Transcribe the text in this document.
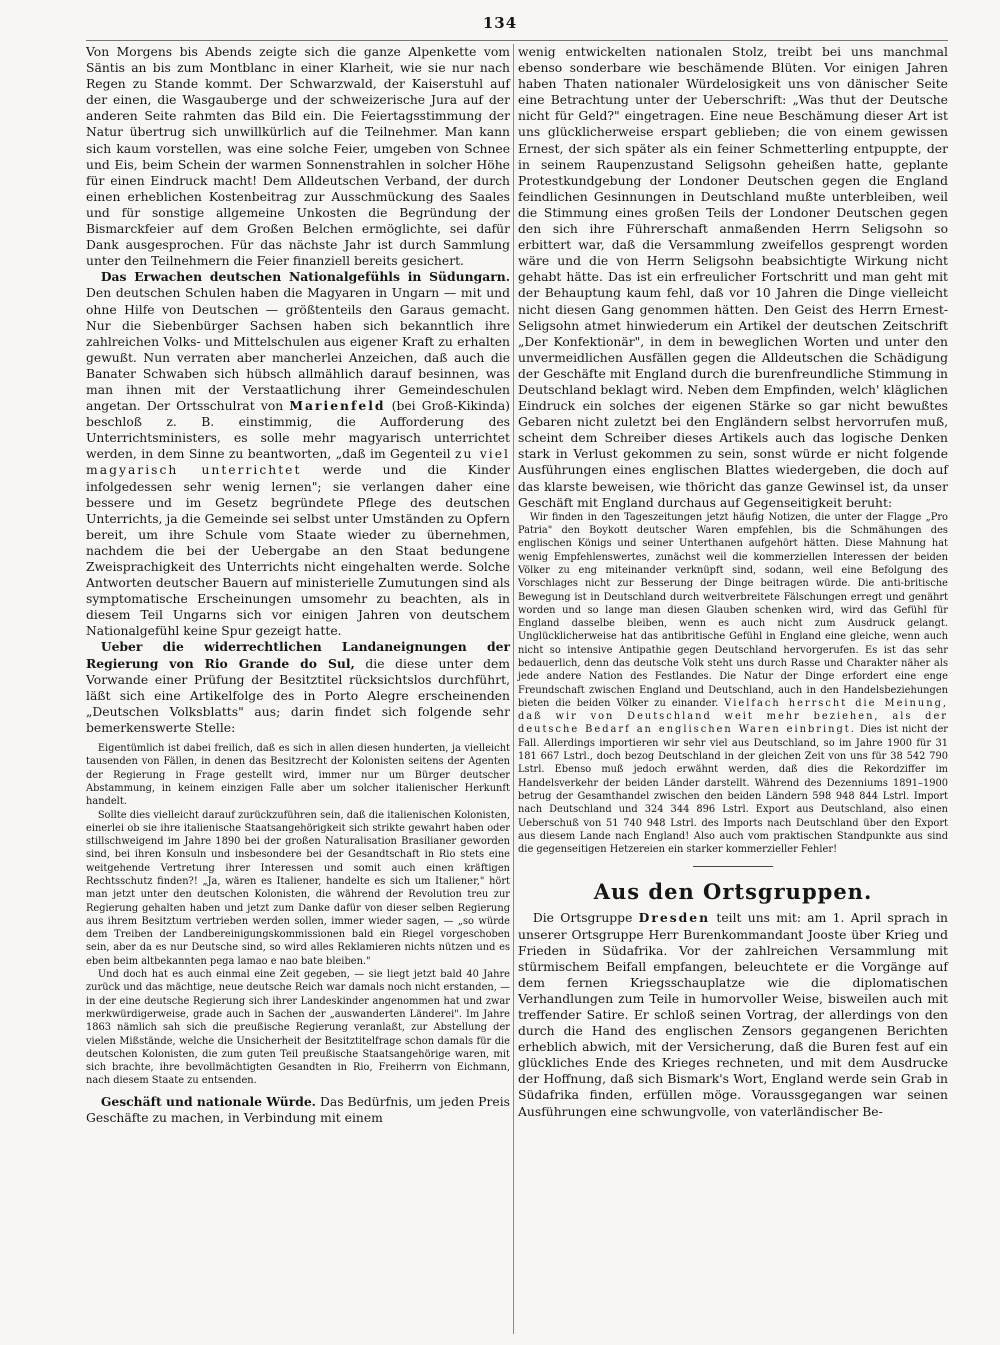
134

Von Morgens bis Abends zeigte sich die ganze Alpenkette vom Säntis an bis zum Montblanc in einer Klarheit, wie sie nur nach Regen zu Stande kommt. Der Schwarzwald, der Kaiserstuhl auf der einen, die Wasgauberge und der schweizerische Jura auf der anderen Seite rahmten das Bild ein. Die Feiertagsstimmung der Natur übertrug sich unwillkürlich auf die Teilnehmer. Man kann sich kaum vorstellen, was eine solche Feier, umgeben von Schnee und Eis, beim Schein der warmen Sonnenstrahlen in solcher Höhe für einen Eindruck macht! Dem Alldeutschen Verband, der durch einen erheblichen Kostenbeitrag zur Ausschmückung des Saales und für sonstige allgemeine Unkosten die Begründung der Bismarckfeier auf dem Großen Belchen ermöglichte, sei dafür Dank ausgesprochen. Für das nächste Jahr ist durch Sammlung unter den Teilnehmern die Feier finanziell bereits gesichert.

Das Erwachen deutschen Nationalgefühls in Südungarn. Den deutschen Schulen haben die Magyaren in Ungarn — mit und ohne Hilfe von Deutschen — größtenteils den Garaus gemacht. Nur die Siebenbürger Sachsen haben sich bekanntlich ihre zahlreichen Volks- und Mittelschulen aus eigener Kraft zu erhalten gewußt. Nun verraten aber mancherlei Anzeichen, daß auch die Banater Schwaben sich hübsch allmählich darauf besinnen, was man ihnen mit der Verstaatlichung ihrer Gemeindeschulen angetan. Der Ortsschulrat von Marienfeld (bei Groß-Kikinda) beschloß z. B. einstimmig, die Aufforderung des Unterrichtsministers, es solle mehr magyarisch unterrichtet werden, in dem Sinne zu beantworten, „daß im Gegenteil zu viel magyarisch unterrichtet werde und die Kinder infolgedessen sehr wenig lernen"; sie verlangen daher eine bessere und im Gesetz begründete Pflege des deutschen Unterrichts, ja die Gemeinde sei selbst unter Umständen zu Opfern bereit, um ihre Schule vom Staate wieder zu übernehmen, nachdem die bei der Uebergabe an den Staat bedungene Zweisprachigkeit des Unterrichts nicht eingehalten werde. Solche Antworten deutscher Bauern auf ministerielle Zumutungen sind als symptomatische Erscheinungen umsomehr zu beachten, als in diesem Teil Ungarns sich vor einigen Jahren von deutschem Nationalgefühl keine Spur gezeigt hatte.

Ueber die widerrechtlichen Landaneignungen der Regierung von Rio Grande do Sul, die diese unter dem Vorwande einer Prüfung der Besitztitel rücksichtslos durchführt, läßt sich eine Artikelfolge des in Porto Alegre erscheinenden „Deutschen Volksblatts" aus; darin findet sich folgende sehr bemerkenswerte Stelle:

Eigentümlich ist dabei freilich, daß es sich in allen diesen hunderten, ja vielleicht tausenden von Fällen, in denen das Besitzrecht der Kolonisten seitens der Agenten der Regierung in Frage gestellt wird, immer nur um Bürger deutscher Abstammung, in keinem einzigen Falle aber um solcher italienischer Herkunft handelt.

Sollte dies vielleicht darauf zurückzuführen sein, daß die italienischen Kolonisten, einerlei ob sie ihre italienische Staatsangehörigkeit sich strikte gewahrt haben oder stillschweigend im Jahre 1890 bei der großen Naturalisation Brasilianer geworden sind, bei ihren Konsuln und insbesondere bei der Gesandtschaft in Rio stets eine weitgehende Vertretung ihrer Interessen und somit auch einen kräftigen Rechtsschutz finden?! „Ja, wären es Italiener, handelte es sich um Italiener," hört man jetzt unter den deutschen Kolonisten, die während der Revolution treu zur Regierung gehalten haben und jetzt zum Danke dafür von dieser selben Regierung aus ihrem Besitztum vertrieben werden sollen, immer wieder sagen, — „so würde dem Treiben der Landbereinigungskommissionen bald ein Riegel vorgeschoben sein, aber da es nur Deutsche sind, so wird alles Reklamieren nichts nützen und es eben beim altbekannten pega lamao e nao bate bleiben."

Und doch hat es auch einmal eine Zeit gegeben, — sie liegt jetzt bald 40 Jahre zurück und das mächtige, neue deutsche Reich war damals noch nicht erstanden, — in der eine deutsche Regierung sich ihrer Landeskinder angenommen hat und zwar merkwürdigerweise, grade auch in Sachen der „auswanderten Länderei". Im Jahre 1863 nämlich sah sich die preußische Regierung veranlaßt, zur Abstellung der vielen Mißstände, welche die Unsicherheit der Besitztitelfrage schon damals für die deutschen Kolonisten, die zum guten Teil preußische Staatsangehörige waren, mit sich brachte, ihre bevollmächtigten Gesandten in Rio, Freiherrn von Eichmann, nach diesem Staate zu entsenden.

Geschäft und nationale Würde. Das Bedürfnis, um jeden Preis Geschäfte zu machen, in Verbindung mit einem

wenig entwickelten nationalen Stolz, treibt bei uns manchmal ebenso sonderbare wie beschämende Blüten. Vor einigen Jahren haben Thaten nationaler Würdelosigkeit uns von dänischer Seite eine Betrachtung unter der Ueberschrift: „Was thut der Deutsche nicht für Geld?" eingetragen. Eine neue Beschämung dieser Art ist uns glücklicherweise erspart geblieben; die von einem gewissen Ernest, der sich später als ein feiner Schmetterling entpuppte, der in seinem Raupenzustand Seligsohn geheißen hatte, geplante Protestkundgebung der Londoner Deutschen gegen die England feindlichen Gesinnungen in Deutschland mußte unterbleiben, weil die Stimmung eines großen Teils der Londoner Deutschen gegen den sich ihre Führerschaft anmaßenden Herrn Seligsohn so erbittert war, daß die Versammlung zweifellos gesprengt worden wäre und die von Herrn Seligsohn beabsichtigte Wirkung nicht gehabt hätte. Das ist ein erfreulicher Fortschritt und man geht mit der Behauptung kaum fehl, daß vor 10 Jahren die Dinge vielleicht nicht diesen Gang genommen hätten. Den Geist des Herrn Ernest-Seligsohn atmet hinwiederum ein Artikel der deutschen Zeitschrift „Der Konfektionär", in dem in beweglichen Worten und unter den unvermeidlichen Ausfällen gegen die Alldeutschen die Schädigung der Geschäfte mit England durch die burenfreundliche Stimmung in Deutschland beklagt wird. Neben dem Empfinden, welch' kläglichen Eindruck ein solches der eigenen Stärke so gar nicht bewußtes Gebaren nicht zuletzt bei den Engländern selbst hervorrufen muß, scheint dem Schreiber dieses Artikels auch das logische Denken stark in Verlust gekommen zu sein, sonst würde er nicht folgende Ausführungen eines englischen Blattes wiedergeben, die doch auf das klarste beweisen, wie thöricht das ganze Gewinsel ist, da unser Geschäft mit England durchaus auf Gegenseitigkeit beruht:

Wir finden in den Tageszeitungen jetzt häufig Notizen, die unter der Flagge „Pro Patria" den Boykott deutscher Waren empfehlen, bis die Schmähungen des englischen Königs und seiner Unterthanen aufgehört hätten. Diese Mahnung hat wenig Empfehlenswertes, zunächst weil die kommerziellen Interessen der beiden Völker zu eng miteinander verknüpft sind, sodann, weil eine Befolgung des Vorschlages nicht zur Besserung der Dinge beitragen würde. Die anti-britische Bewegung ist in Deutschland durch weitverbreitete Fälschungen erregt und genährt worden und so lange man diesen Glauben schenken wird, wird das Gefühl für England dasselbe bleiben, wenn es auch nicht zum Ausdruck gelangt. Unglücklicherweise hat das antibritische Gefühl in England eine gleiche, wenn auch nicht so intensive Antipathie gegen Deutschland hervorgerufen. Es ist das sehr bedauerlich, denn das deutsche Volk steht uns durch Rasse und Charakter näher als jede andere Nation des Festlandes. Die Natur der Dinge erfordert eine enge Freundschaft zwischen England und Deutschland, auch in den Handelsbeziehungen bieten die beiden Völker zu einander. Vielfach herrscht die Meinung, daß wir von Deutschland weit mehr beziehen, als der deutsche Bedarf an englischen Waren einbringt. Dies ist nicht der Fall. Allerdings importieren wir sehr viel aus Deutschland, so im Jahre 1900 für 31 181 667 Lstrl., doch bezog Deutschland in der gleichen Zeit von uns für 38 542 790 Lstrl. Ebenso muß jedoch erwähnt werden, daß dies die Rekordziffer im Handelsverkehr der beiden Länder darstellt. Während des Dezenniums 1891–1900 betrug der Gesamthandel zwischen den beiden Ländern 598 948 844 Lstrl. Import nach Deutschland und 324 344 896 Lstrl. Export aus Deutschland, also einen Ueberschuß von 51 740 948 Lstrl. des Imports nach Deutschland über den Export aus diesem Lande nach England! Also auch vom praktischen Standpunkte aus sind die gegenseitigen Hetzereien ein starker kommerzieller Fehler!

Aus den Ortsgruppen.

Die Ortsgruppe Dresden teilt uns mit: am 1. April sprach in unserer Ortsgruppe Herr Burenkommandant Jooste über Krieg und Frieden in Südafrika. Vor der zahlreichen Versammlung mit stürmischem Beifall empfangen, beleuchtete er die Vorgänge auf dem fernen Kriegsschauplatze wie die diplomatischen Verhandlungen zum Teile in humorvoller Weise, bisweilen auch mit treffender Satire. Er schloß seinen Vortrag, der allerdings von den durch die Hand des englischen Zensors gegangenen Berichten erheblich abwich, mit der Versicherung, daß die Buren fest auf ein glückliches Ende des Krieges rechneten, und mit dem Ausdrucke der Hoffnung, daß sich Bismark's Wort, England werde sein Grab in Südafrika finden, erfüllen möge. Voraussgegangen war seinen Ausführungen eine schwungvolle, von vaterländischer Be-
